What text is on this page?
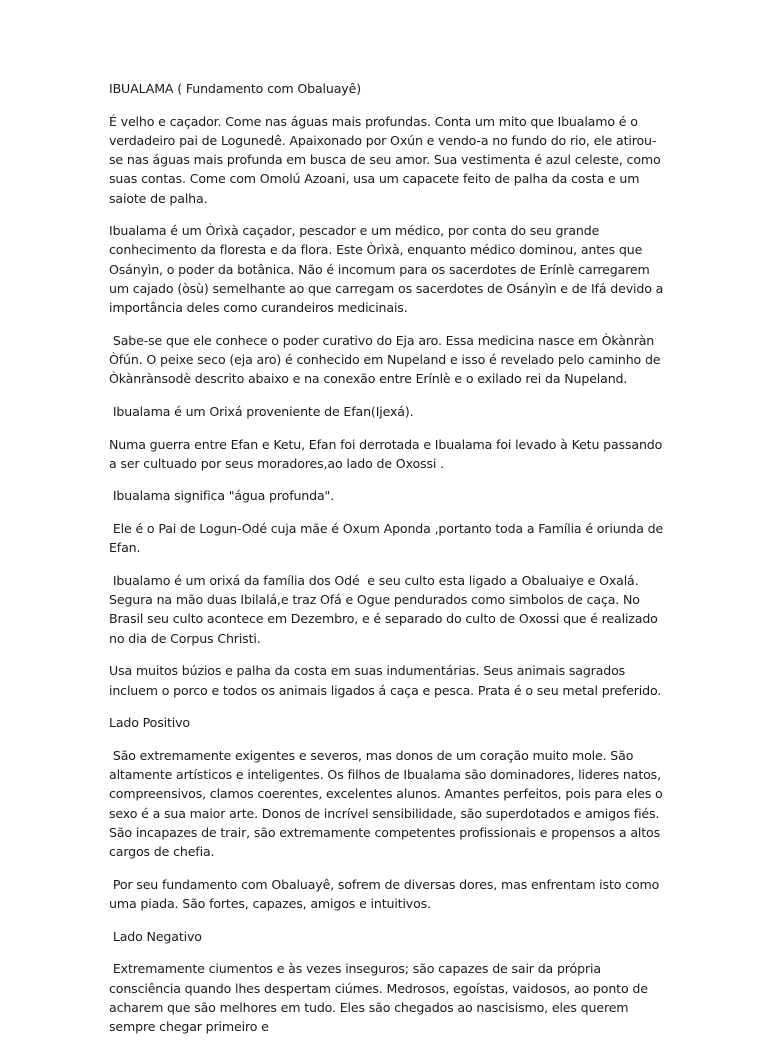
IBUALAMA ( Fundamento com Obaluayê)

É velho e caçador. Come nas águas mais profundas. Conta um mito que Ibualamo é o verdadeiro pai de Logunedê. Apaixonado por Oxún e vendo-a no fundo do rio, ele atirou-se nas águas mais profunda em busca de seu amor. Sua vestimenta é azul celeste, como suas contas. Come com Omolú Azoani, usa um capacete feito de palha da costa e um saiote de palha.

Ibualama é um Òrìxà caçador, pescador e um médico, por conta do seu grande conhecimento da floresta e da flora. Este Òrìxà, enquanto médico dominou, antes que Osányìn, o poder da botânica. Não é incomum para os sacerdotes de Erínlè carregarem um cajado (òsù) semelhante ao que carregam os sacerdotes de Osányìn e de Ifá devido a importância deles como curandeiros medicinais.

Sabe-se que ele conhece o poder curativo do Eja aro. Essa medicina nasce em Òkànràn Òfún. O peixe seco (eja aro) é conhecido em Nupeland e isso é revelado pelo caminho de Òkànrànsodè descrito abaixo e na conexão entre Erínlè e o exilado rei da Nupeland.

Ibualama é um Orixá proveniente de Efan(Ijexá).

Numa guerra entre Efan e Ketu, Efan foi derrotada e Ibualama foi levado à Ketu passando a ser cultuado por seus moradores,ao lado de Oxossi .

Ibualama significa "água profunda".

Ele é o Pai de Logun-Odé cuja mãe é Oxum Aponda ,portanto toda a Família é oriunda de Efan.

Ibualamo é um orixá da família dos Odé  e seu culto esta ligado a Obaluaiye e Oxalá. Segura na mão duas Ibilalá,e traz Ofá e Ogue pendurados como simbolos de caça. No Brasil seu culto acontece em Dezembro, e é separado do culto de Oxossi que é realizado no dia de Corpus Christi.

Usa muitos búzios e palha da costa em suas indumentárias. Seus animais sagrados incluem o porco e todos os animais ligados á caça e pesca. Prata é o seu metal preferido.

Lado Positivo

São extremamente exigentes e severos, mas donos de um coração muito mole. São altamente artísticos e inteligentes. Os filhos de Ibualama são dominadores, lideres natos, compreensivos, clamos coerentes, excelentes alunos. Amantes perfeitos, pois para eles o sexo é a sua maior arte. Donos de incrível sensibilidade, são superdotados e amigos fiés. São incapazes de trair, são extremamente competentes profissionais e propensos a altos cargos de chefia.

Por seu fundamento com Obaluayê, sofrem de diversas dores, mas enfrentam isto como uma piada. São fortes, capazes, amigos e intuitivos.

Lado Negativo

Extremamente ciumentos e às vezes inseguros; são capazes de sair da própria consciência quando lhes despertam ciúmes. Medrosos, egoístas, vaidosos, ao ponto de acharem que são melhores em tudo. Eles são chegados ao nascisismo, eles querem sempre chegar primeiro e
